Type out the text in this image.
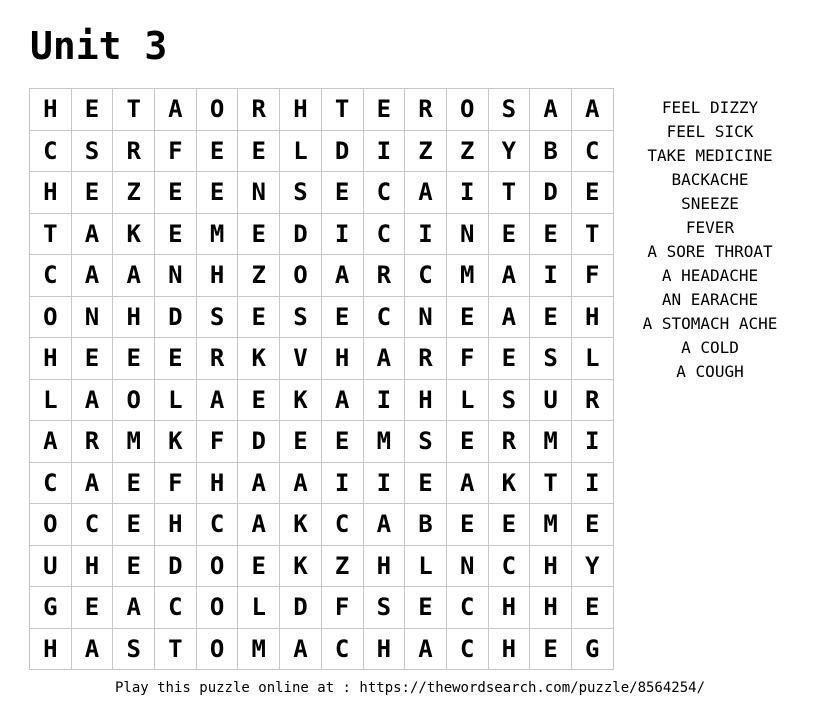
Unit 3
H	E	T	A	O	R	H	T	E	R	O	S	A	A
C	S	R	F	E	E	L	D	I	Z	Z	Y	B	C
H	E	Z	E	E	N	S	E	C	A	I	T	D	E
T	A	K	E	M	E	D	I	C	I	N	E	E	T
C	A	A	N	H	Z	O	A	R	C	M	A	I	F
O	N	H	D	S	E	S	E	C	N	E	A	E	H
H	E	E	E	R	K	V	H	A	R	F	E	S	L
L	A	O	L	A	E	K	A	I	H	L	S	U	R
A	R	M	K	F	D	E	E	M	S	E	R	M	I
C	A	E	F	H	A	A	I	I	E	A	K	T	I
O	C	E	H	C	A	K	C	A	B	E	E	M	E
U	H	E	D	O	E	K	Z	H	L	N	C	H	Y
G	E	A	C	O	L	D	F	S	E	C	H	H	E
H	A	S	T	O	M	A	C	H	A	C	H	E	G
FEEL DIZZY
FEEL SICK
TAKE MEDICINE
BACKACHE
SNEEZE
FEVER
A SORE THROAT
A HEADACHE
AN EARACHE
A STOMACH ACHE
A COLD
A COUGH
Play this puzzle online at : https://thewordsearch.com/puzzle/8564254/
